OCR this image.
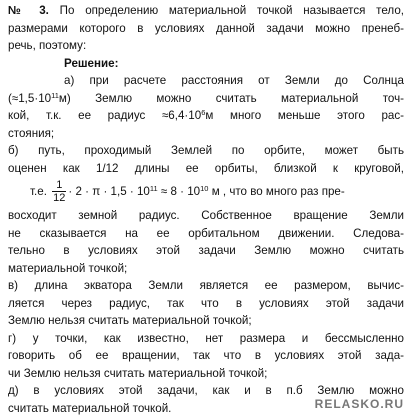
№ 3. По определению материальной точкой называется тело,
размерами которого в условиях данной задачи можно пренеб-
речь, поэтому:
Решение:
а) при расчете расстояния от Земли до Солнца
$(\approx 1,5\cdot 10^{11}м)$ Землю можно считать материальной точ-
кой, т.к. ее радиус $\approx 6,4\cdot 10^6м$ много меньше этого рас-
стояния;
б) путь, проходимый Землей по орбите, может быть
оценен как 1/12 длины ее орбиты, близкой к круговой,
т.е. $\frac{1}{12} \cdot 2 \cdot \pi \cdot 1,5 \cdot 10^{11} \approx 8 \cdot 10^{10}$ м , что во много раз пре-
восходит земной радиус. Собственное вращение Земли
не сказывается на ее орбитальном движении. Следова-
тельно в условиях этой задачи Землю можно считать
материальной точкой;
в) длина экватора Земли является ее размером, вычис-
ляется через радиус, так что в условиях этой задачи
Землю нельзя считать материальной точкой;
г) у точки, как известно, нет размера и бессмысленно
говорить об ее вращении, так что в условиях этой зада-
чи Землю нельзя считать материальной точкой;
д) в условиях этой задачи, как и в п.б Землю можно
считать материальной точкой.	RELASKO.RU
